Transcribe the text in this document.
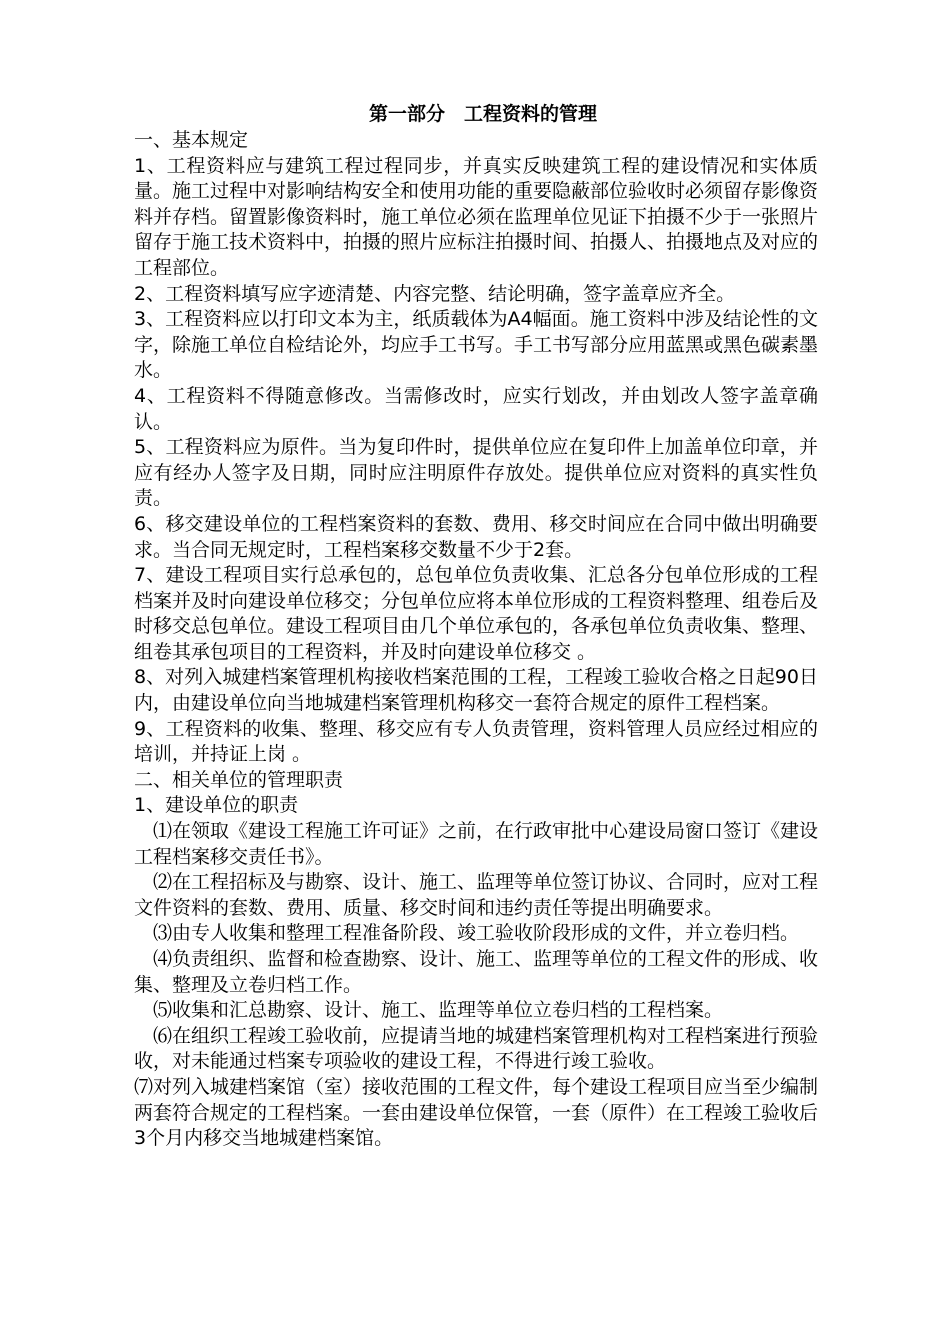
第一部分　工程资料的管理

一、基本规定

1、工程资料应与建筑工程过程同步，并真实反映建筑工程的建设情况和实体质量。施工过程中对影响结构安全和使用功能的重要隐蔽部位验收时必须留存影像资料并存档。留置影像资料时，施工单位必须在监理单位见证下拍摄不少于一张照片留存于施工技术资料中，拍摄的照片应标注拍摄时间、拍摄人、拍摄地点及对应的工程部位。

2、工程资料填写应字迹清楚、内容完整、结论明确，签字盖章应齐全。

3、工程资料应以打印文本为主，纸质载体为A4幅面。施工资料中涉及结论性的文字，除施工单位自检结论外，均应手工书写。手工书写部分应用蓝黑或黑色碳素墨水。

4、工程资料不得随意修改。当需修改时，应实行划改，并由划改人签字盖章确认。

5、工程资料应为原件。当为复印件时，提供单位应在复印件上加盖单位印章，并应有经办人签字及日期，同时应注明原件存放处。提供单位应对资料的真实性负责。

6、移交建设单位的工程档案资料的套数、费用、移交时间应在合同中做出明确要求。当合同无规定时，工程档案移交数量不少于2套。

7、建设工程项目实行总承包的，总包单位负责收集、汇总各分包单位形成的工程档案并及时向建设单位移交；分包单位应将本单位形成的工程资料整理、组卷后及时移交总包单位。建设工程项目由几个单位承包的，各承包单位负责收集、整理、组卷其承包项目的工程资料，并及时向建设单位移交 。

8、对列入城建档案管理机构接收档案范围的工程，工程竣工验收合格之日起90日内，由建设单位向当地城建档案管理机构移交一套符合规定的原件工程档案。

9、工程资料的收集、整理、移交应有专人负责管理，资料管理人员应经过相应的培训，并持证上岗 。

二、相关单位的管理职责

1、建设单位的职责

⑴在领取《建设工程施工许可证》之前，在行政审批中心建设局窗口签订《建设工程档案移交责任书》。

⑵在工程招标及与勘察、设计、施工、监理等单位签订协议、合同时，应对工程文件资料的套数、费用、质量、移交时间和违约责任等提出明确要求。

⑶由专人收集和整理工程准备阶段、竣工验收阶段形成的文件，并立卷归档。

⑷负责组织、监督和检查勘察、设计、施工、监理等单位的工程文件的形成、收集、整理及立卷归档工作。

⑸收集和汇总勘察、设计、施工、监理等单位立卷归档的工程档案。

⑹在组织工程竣工验收前，应提请当地的城建档案管理机构对工程档案进行预验收，对未能通过档案专项验收的建设工程，不得进行竣工验收。

⑺对列入城建档案馆（室）接收范围的工程文件，每个建设工程项目应当至少编制两套符合规定的工程档案。一套由建设单位保管，一套（原件）在工程竣工验收后3个月内移交当地城建档案馆。
